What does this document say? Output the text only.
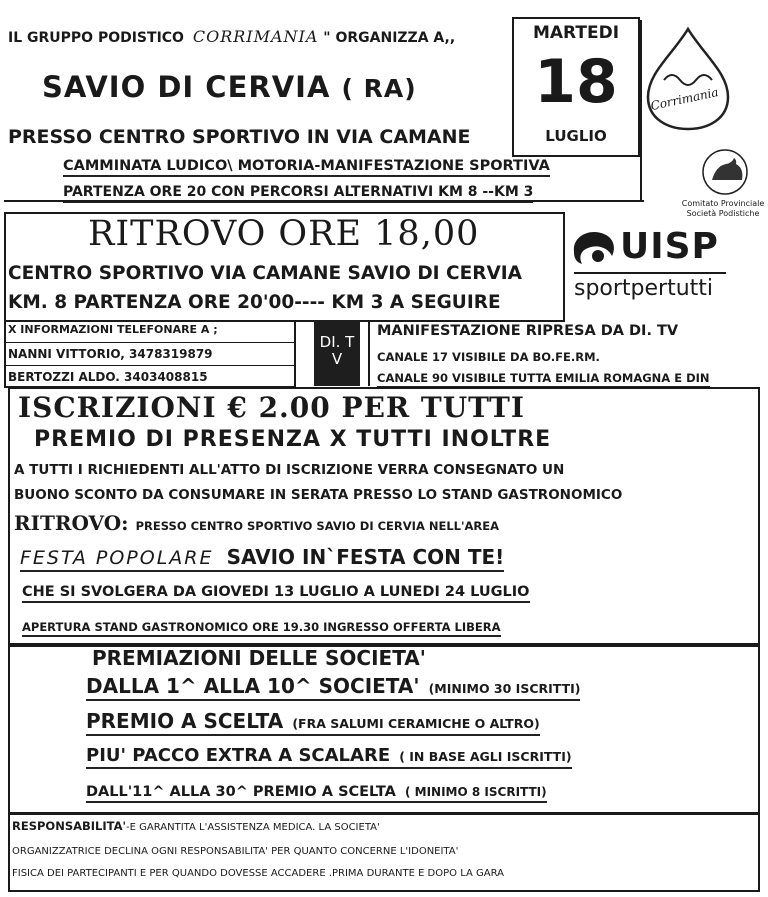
IL GRUPPO PODISTICO CORRIMANIA " ORGANIZZA A,,
SAVIO DI CERVIA ( RA)
PRESSO CENTRO SPORTIVO IN VIA CAMANE
CAMMINATA LUDICO\ MOTORIA-MANIFESTAZIONE SPORTIVA
PARTENZA ORE 20 CON PERCORSI ALTERNATIVI KM 8 --KM 3
MARTEDI
18
LUGLIO
Corrimania
Comitato Provinciale
Società Podistiche
RITROVO ORE 18,00
CENTRO SPORTIVO VIA CAMANE SAVIO DI CERVIA
KM. 8 PARTENZA ORE 20'00---- KM 3 A SEGUIRE
UISP
sportpertutti
X INFORMAZIONI TELEFONARE A ;
NANNI VITTORIO, 3478319879
BERTOZZI ALDO. 3403408815
DI. TV
MANIFESTAZIONE RIPRESA DA DI. TV
CANALE 17 VISIBILE DA BO.FE.RM.
CANALE 90 VISIBILE TUTTA EMILIA ROMAGNA E DIN
ISCRIZIONI € 2.00 PER TUTTI
PREMIO DI PRESENZA X TUTTI INOLTRE
A TUTTI I RICHIEDENTI ALL'ATTO DI ISCRIZIONE VERRA CONSEGNATO UN
BUONO SCONTO DA CONSUMARE IN SERATA PRESSO LO STAND GASTRONOMICO
RITROVO: PRESSO CENTRO SPORTIVO SAVIO DI CERVIA NELL'AREA
FESTA POPOLARE SAVIO IN`FESTA CON TE!
CHE SI SVOLGERA DA GIOVEDI 13 LUGLIO A LUNEDI 24 LUGLIO
APERTURA STAND GASTRONOMICO ORE 19.30 INGRESSO OFFERTA LIBERA
PREMIAZIONI DELLE SOCIETA'
DALLA 1^ ALLA 10^ SOCIETA' (MINIMO 30 ISCRITTI)
PREMIO A SCELTA (FRA SALUMI CERAMICHE O ALTRO)
PIU' PACCO EXTRA A SCALARE ( IN BASE AGLI ISCRITTI)
DALL'11^ ALLA 30^ PREMIO A SCELTA ( MINIMO 8 ISCRITTI)
RESPONSABILITA'-E GARANTITA L'ASSISTENZA MEDICA. LA SOCIETA'
ORGANIZZATRICE DECLINA OGNI RESPONSABILITA' PER QUANTO CONCERNE L'IDONEITA'
FISICA DEI PARTECIPANTI E PER QUANDO DOVESSE ACCADERE .PRIMA DURANTE E DOPO LA GARA
